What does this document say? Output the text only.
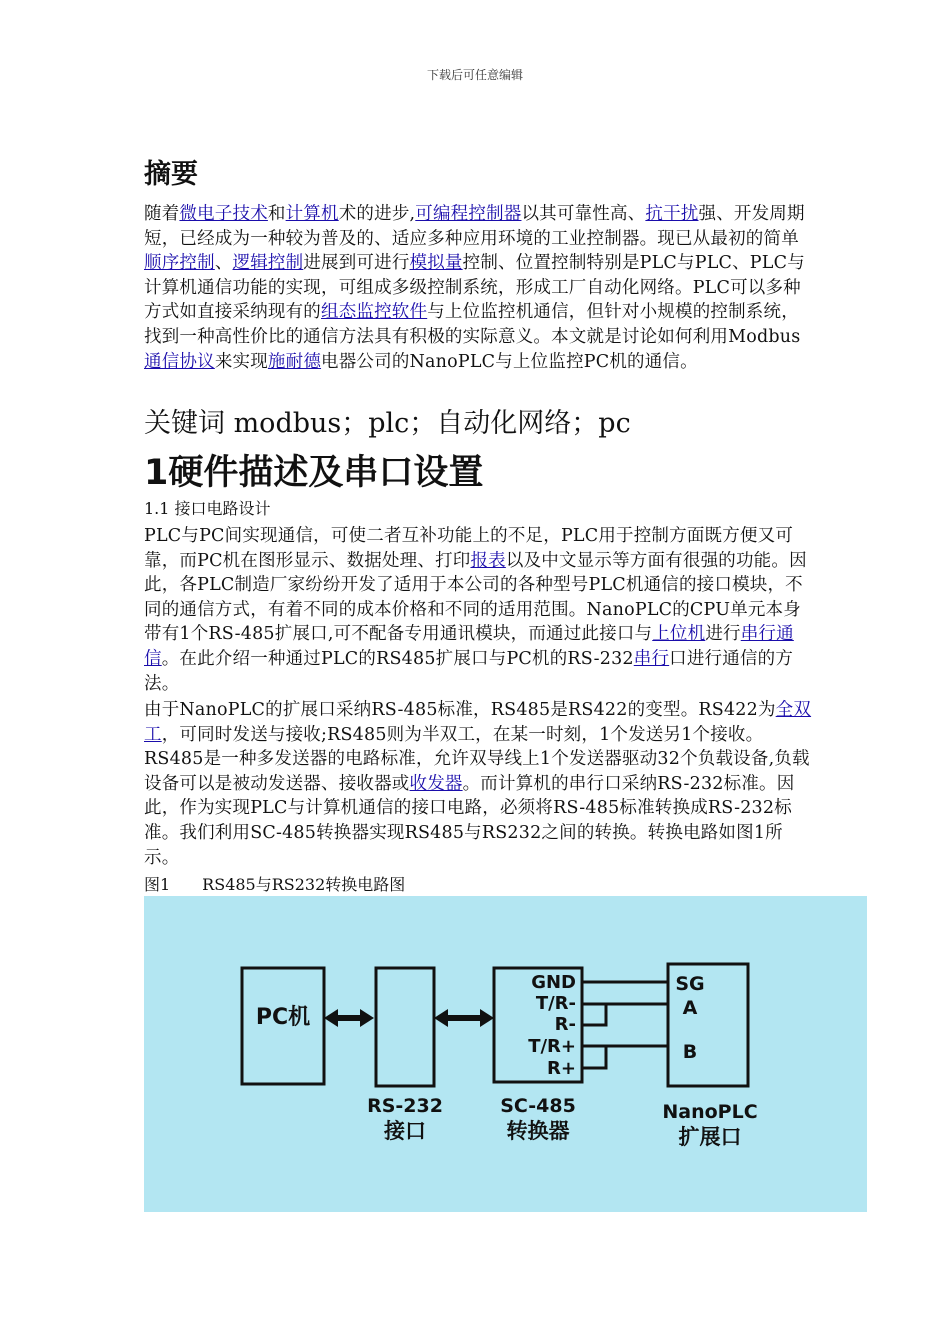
下载后可任意编辑
摘要
随着微电子技术和计算机术的进步,可编程控制器以其可靠性高、抗干扰强、开发周期短，已经成为一种较为普及的、适应多种应用环境的工业控制器。现已从最初的简单顺序控制、逻辑控制进展到可进行模拟量控制、位置控制特别是PLC与PLC、PLC与计算机通信功能的实现，可组成多级控制系统，形成工厂自动化网络。PLC可以多种方式如直接采纳现有的组态监控软件与上位监控机通信，但针对小规模的控制系统，找到一种高性价比的通信方法具有积极的实际意义。本文就是讨论如何利用Modbus通信协议来实现施耐德电器公司的NanoPLC与上位监控PC机的通信。
关键词 modbus；plc；自动化网络；pc
1硬件描述及串口设置
1.1 接口电路设计
PLC与PC间实现通信，可使二者互补功能上的不足，PLC用于控制方面既方便又可靠，而PC机在图形显示、数据处理、打印报表以及中文显示等方面有很强的功能。因此，各PLC制造厂家纷纷开发了适用于本公司的各种型号PLC机通信的接口模块，不同的通信方式，有着不同的成本价格和不同的适用范围。NanoPLC的CPU单元本身带有1个RS-485扩展口,可不配备专用通讯模块，而通过此接口与上位机进行串行通信。在此介绍一种通过PLC的RS485扩展口与PC机的RS-232串行口进行通信的方法。
由于NanoPLC的扩展口采纳RS-485标准，RS485是RS422的变型。RS422为全双工，可同时发送与接收;RS485则为半双工，在某一时刻，1个发送另1个接收。RS485是一种多发送器的电路标准，允许双导线上1个发送器驱动32个负载设备,负载设备可以是被动发送器、接收器或收发器。而计算机的串行口采纳RS-232标准。因此，作为实现PLC与计算机通信的接口电路，必须将RS-485标准转换成RS-232标准。我们利用SC-485转换器实现RS485与RS232之间的转换。转换电路如图1所示。
图1　　RS485与RS232转换电路图
PC机
RS-232
接口
GND
T/R-
R-
T/R+
R+
SC-485
转换器
SG
A
B
NanoPLC
扩展口
